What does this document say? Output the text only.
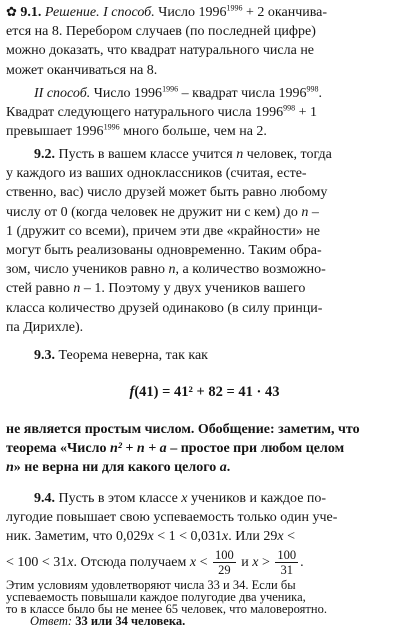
✿ 9.1. Решение. I способ. Число $1996^{1996} + 2$ оканчива-
ется на 8. Перебором случаев (по последней цифре)
можно доказать, что квадрат натурального числа не
может оканчиваться на 8.

II способ. Число $1996^{1996}$ – квадрат числа 1996$^{998}$.
Квадрат следующего натурального числа $1996^{998} + 1$
превышает $1996^{1996}$ много больше, чем на 2.

9.2. Пусть в вашем классе учится n человек, тогда
у каждого из ваших одноклассников (считая, есте-
ственно, вас) число друзей может быть равно любому
числу от 0 (когда человек не дружит ни с кем) до n –
1 (дружит со всеми), причем эти две «крайности» не
могут быть реализованы одновременно. Таким обра-
зом, число учеников равно n, а количество возможно-
стей равно n – 1. Поэтому у двух учеников вашего
класса количество друзей одинаково (в силу принци-
па Дирихле).

9.3. Теорема неверна, так как

f(41) = 41² + 82 = 41 · 43

не является простым числом. Обобщение: заметим, что
теорема «Число n² + n + a – простое при любом целом
n» не верна ни для какого целого a.

9.4. Пусть в этом классе x учеников и каждое по-
лугодие повышает свою успеваемость только один уче-
ник. Заметим, что 0,029x < 1 < 0,031x. Или 29x <

< 100 < 31x. Отсюда получаем $x < \frac{100}{29}$ и $x > \frac{100}{31}$ .

Этим условиям удовлетворяют числа 33 и 34. Если бы
успеваемость повышали каждое полугодие два ученика,
то в классе было бы не менее 65 человек, что маловероятно.
Ответ: 33 или 34 человека.
